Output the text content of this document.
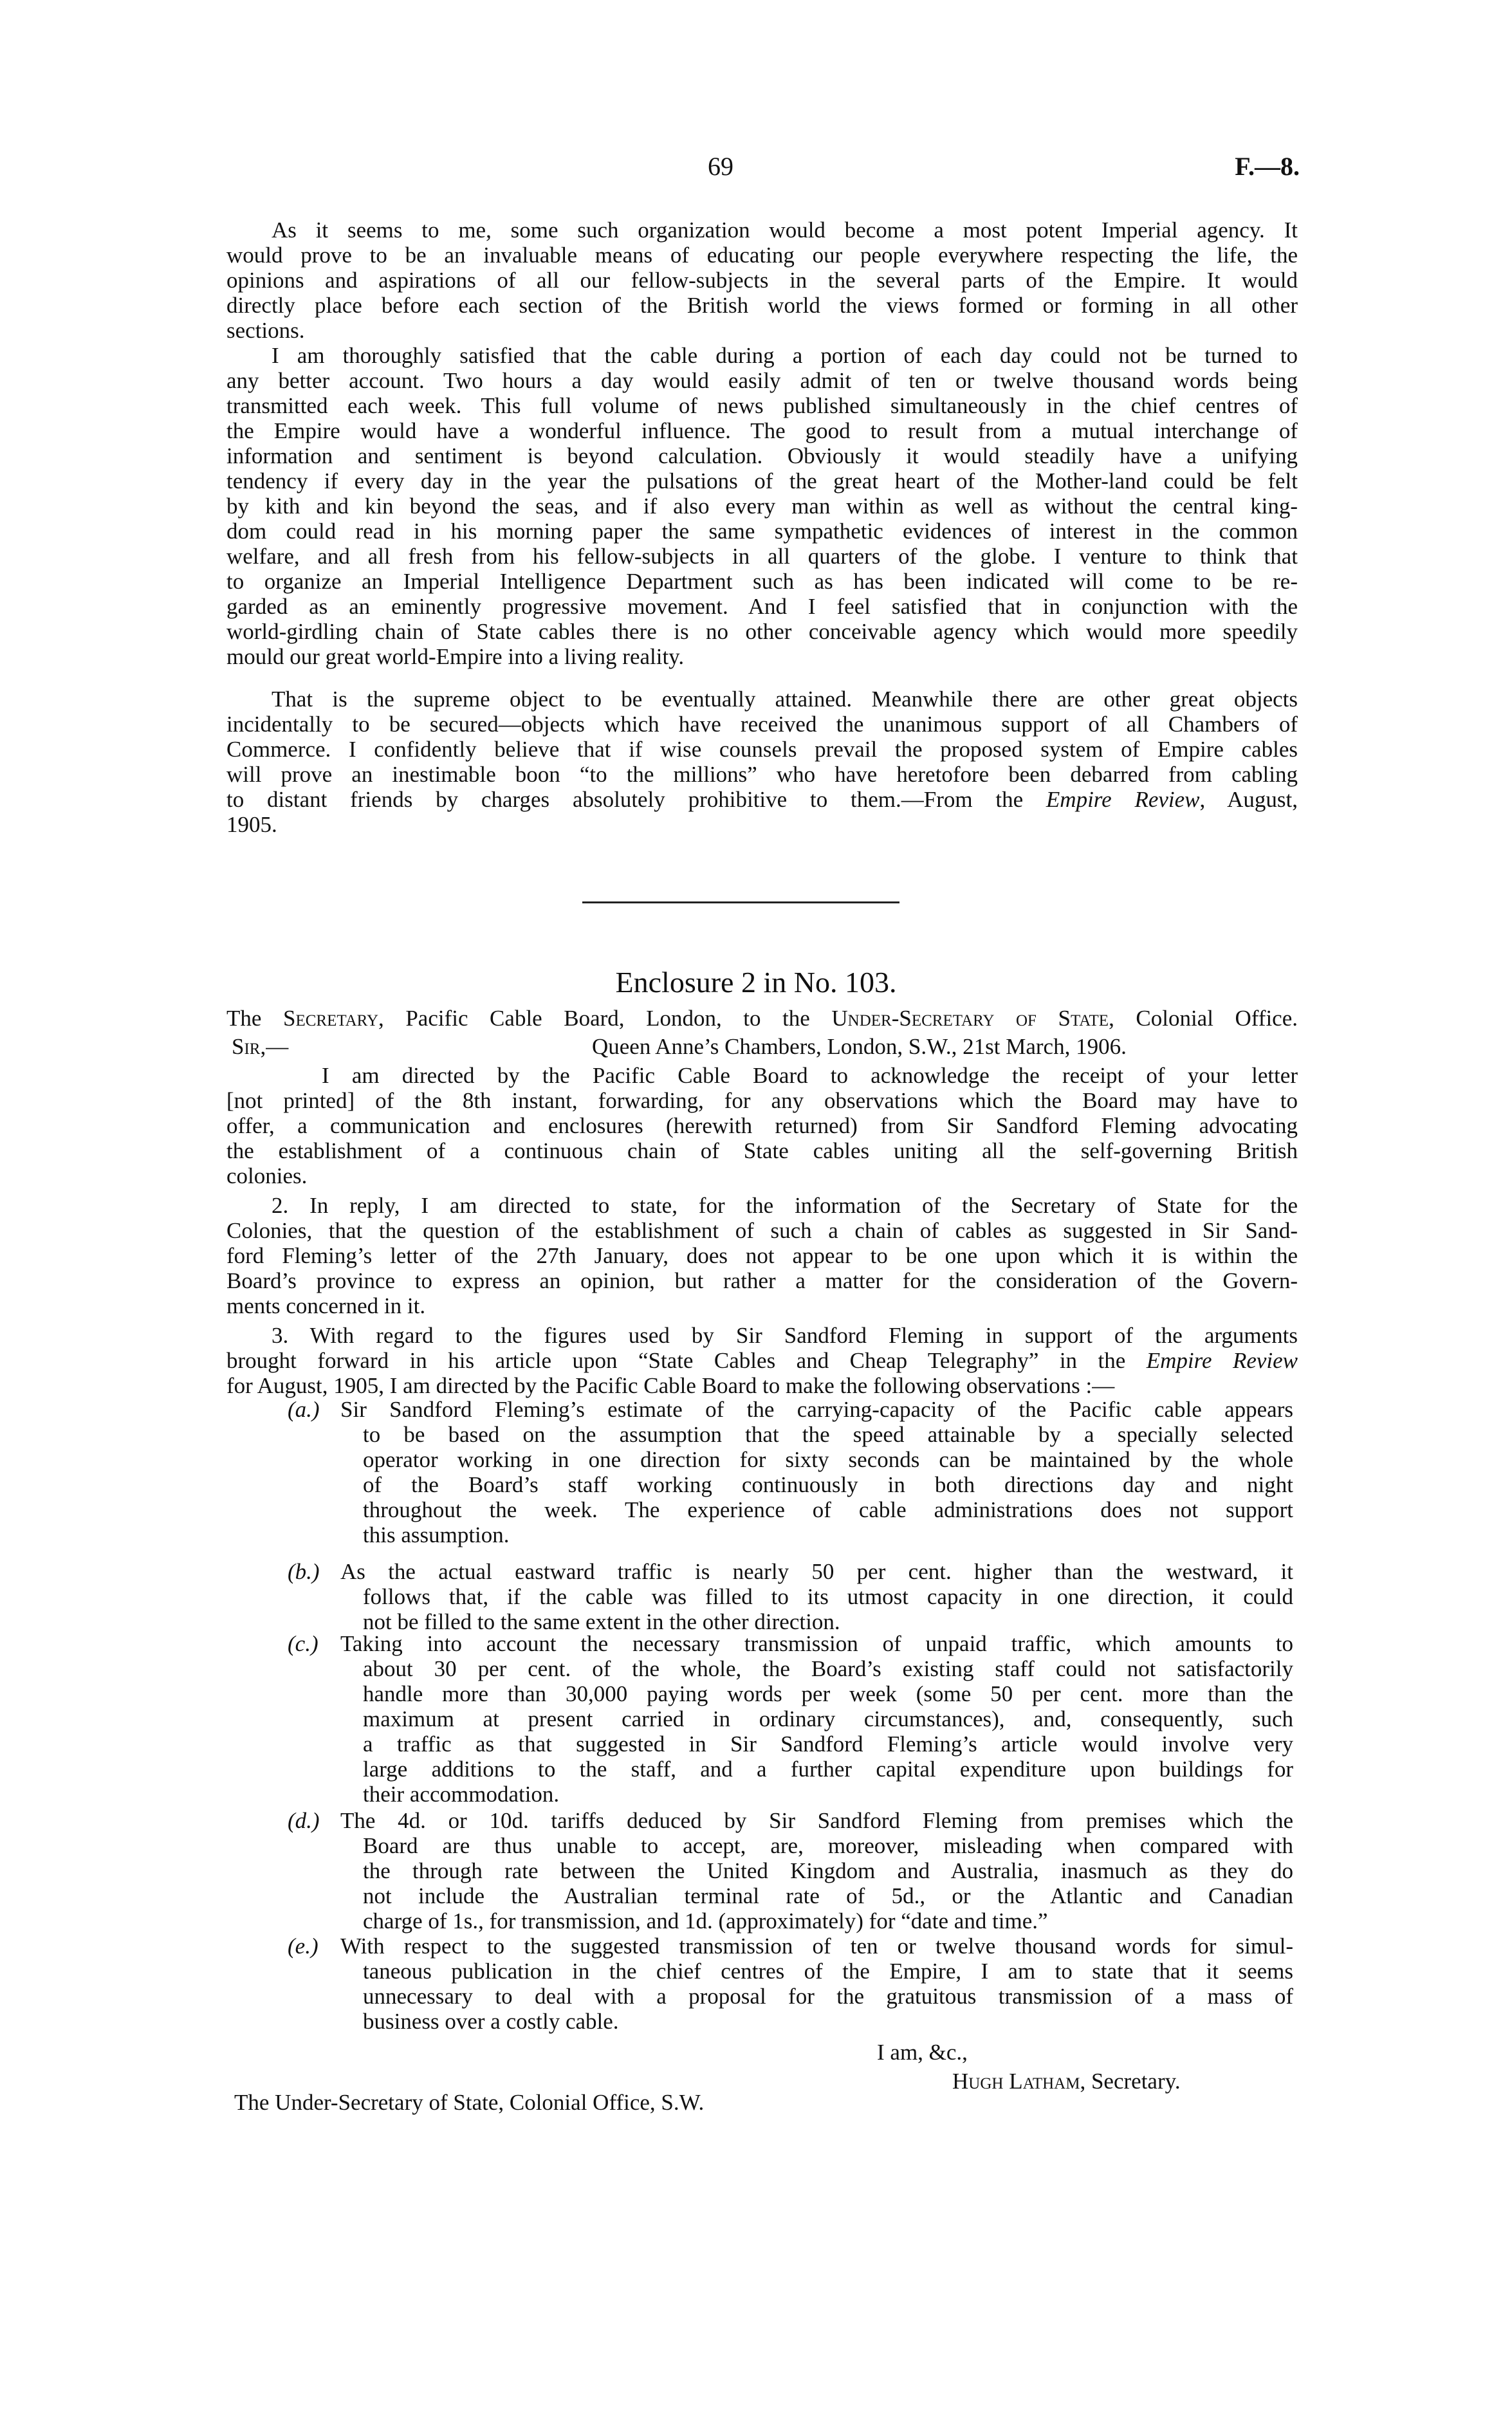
69	F.—8.
As it seems to me, some such organization would become a most potent Imperial agency. It
would prove to be an invaluable means of educating our people everywhere respecting the life, the
opinions and aspirations of all our fellow-subjects in the several parts of the Empire. It would
directly place before each section of the British world the views formed or forming in all other
sections.
I am thoroughly satisfied that the cable during a portion of each day could not be turned to
any better account. Two hours a day would easily admit of ten or twelve thousand words being
transmitted each week. This full volume of news published simultaneously in the chief centres of
the Empire would have a wonderful influence. The good to result from a mutual interchange of
information and sentiment is beyond calculation. Obviously it would steadily have a unifying
tendency if every day in the year the pulsations of the great heart of the Mother-land could be felt
by kith and kin beyond the seas, and if also every man within as well as without the central king-
dom could read in his morning paper the same sympathetic evidences of interest in the common
welfare, and all fresh from his fellow-subjects in all quarters of the globe. I venture to think that
to organize an Imperial Intelligence Department such as has been indicated will come to be re-
garded as an eminently progressive movement. And I feel satisfied that in conjunction with the
world-girdling chain of State cables there is no other conceivable agency which would more speedily
mould our great world-Empire into a living reality.
That is the supreme object to be eventually attained. Meanwhile there are other great objects
incidentally to be secured—objects which have received the unanimous support of all Chambers of
Commerce. I confidently believe that if wise counsels prevail the proposed system of Empire cables
will prove an inestimable boon “to the millions” who have heretofore been debarred from cabling
to distant friends by charges absolutely prohibitive to them.—From the Empire Review, August,
1905.
Enclosure 2 in No. 103.
The Secretary, Pacific Cable Board, London, to the Under-Secretary of State, Colonial Office.
Sir,—	Queen Anne’s Chambers, London, S.W., 21st March, 1906.
I am directed by the Pacific Cable Board to acknowledge the receipt of your letter
[not printed] of the 8th instant, forwarding, for any observations which the Board may have to
offer, a communication and enclosures (herewith returned) from Sir Sandford Fleming advocating
the establishment of a continuous chain of State cables uniting all the self-governing British
colonies.
2. In reply, I am directed to state, for the information of the Secretary of State for the
Colonies, that the question of the establishment of such a chain of cables as suggested in Sir Sand-
ford Fleming’s letter of the 27th January, does not appear to be one upon which it is within the
Board’s province to express an opinion, but rather a matter for the consideration of the Govern-
ments concerned in it.
3. With regard to the figures used by Sir Sandford Fleming in support of the arguments
brought forward in his article upon “State Cables and Cheap Telegraphy” in the Empire Review
for August, 1905, I am directed by the Pacific Cable Board to make the following observations :—
(a.) Sir Sandford Fleming’s estimate of the carrying-capacity of the Pacific cable appears
to be based on the assumption that the speed attainable by a specially selected
operator working in one direction for sixty seconds can be maintained by the whole
of the Board’s staff working continuously in both directions day and night
throughout the week. The experience of cable administrations does not support
this assumption.
(b.) As the actual eastward traffic is nearly 50 per cent. higher than the westward, it
follows that, if the cable was filled to its utmost capacity in one direction, it could
not be filled to the same extent in the other direction.
(c.) Taking into account the necessary transmission of unpaid traffic, which amounts to
about 30 per cent. of the whole, the Board’s existing staff could not satisfactorily
handle more than 30,000 paying words per week (some 50 per cent. more than the
maximum at present carried in ordinary circumstances), and, consequently, such
a traffic as that suggested in Sir Sandford Fleming’s article would involve very
large additions to the staff, and a further capital expenditure upon buildings for
their accommodation.
(d.) The 4d. or 10d. tariffs deduced by Sir Sandford Fleming from premises which the
Board are thus unable to accept, are, moreover, misleading when compared with
the through rate between the United Kingdom and Australia, inasmuch as they do
not include the Australian terminal rate of 5d., or the Atlantic and Canadian
charge of 1s., for transmission, and 1d. (approximately) for “date and time.”
(e.) With respect to the suggested transmission of ten or twelve thousand words for simul-
taneous publication in the chief centres of the Empire, I am to state that it seems
unnecessary to deal with a proposal for the gratuitous transmission of a mass of
business over a costly cable.
I am, &c.,
Hugh Latham, Secretary.
The Under-Secretary of State, Colonial Office, S.W.
